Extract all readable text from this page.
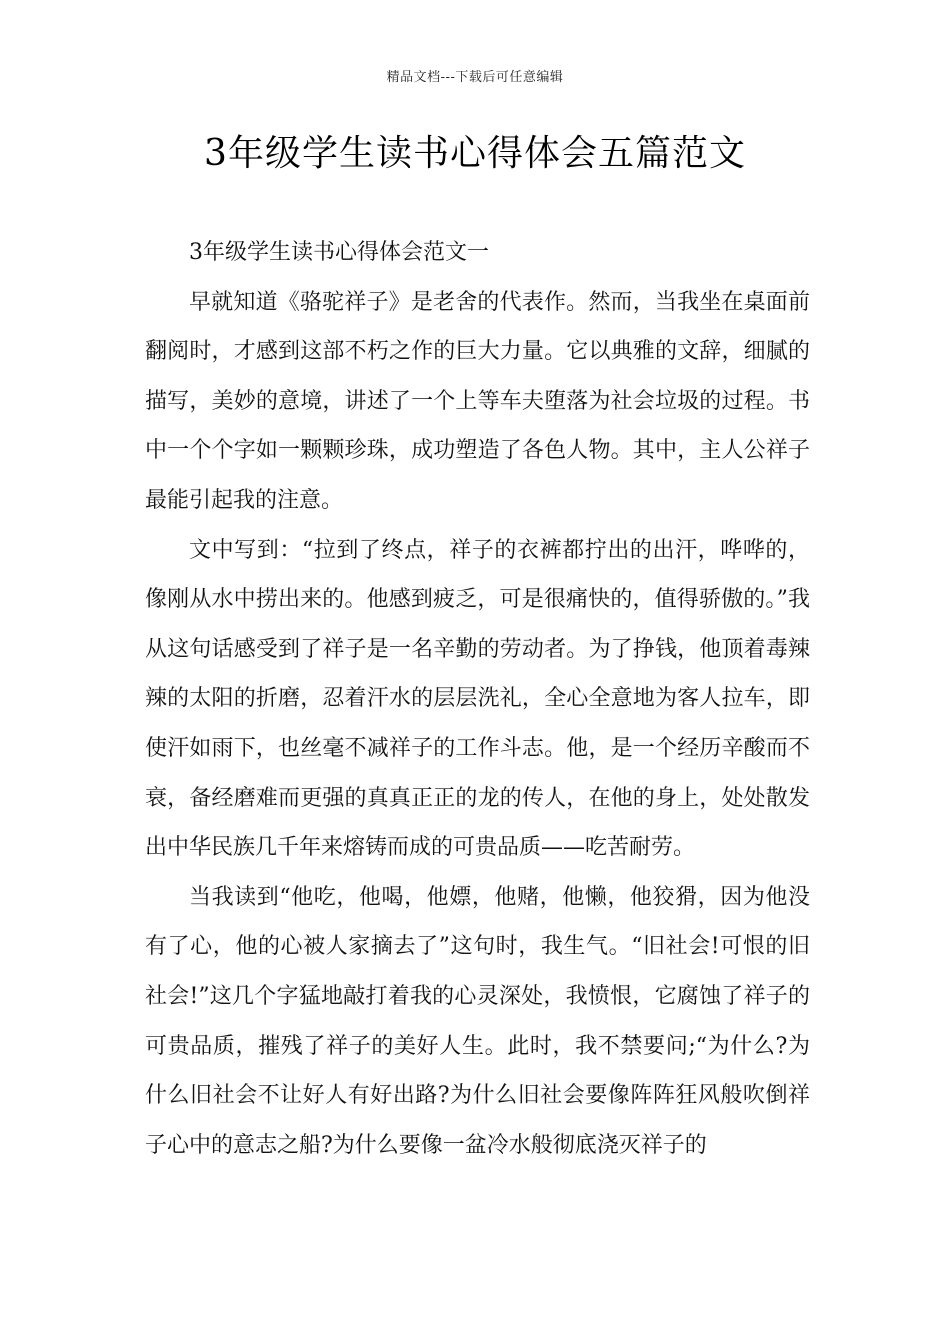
精品文档---下载后可任意编辑
3年级学生读书心得体会五篇范文

3年级学生读书心得体会范文一

早就知道《骆驼祥子》是老舍的代表作。然而，当我坐在桌面前翻阅时，才感到这部不朽之作的巨大力量。它以典雅的文辞，细腻的描写，美妙的意境，讲述了一个上等车夫堕落为社会垃圾的过程。书中一个个字如一颗颗珍珠，成功塑造了各色人物。其中，主人公祥子最能引起我的注意。

文中写到：“拉到了终点，祥子的衣裤都拧出的出汗，哗哗的，像刚从水中捞出来的。他感到疲乏，可是很痛快的，值得骄傲的。”我从这句话感受到了祥子是一名辛勤的劳动者。为了挣钱，他顶着毒辣辣的太阳的折磨，忍着汗水的层层洗礼，全心全意地为客人拉车，即使汗如雨下，也丝毫不减祥子的工作斗志。他，是一个经历辛酸而不衰，备经磨难而更强的真真正正的龙的传人，在他的身上，处处散发出中华民族几千年来熔铸而成的可贵品质——吃苦耐劳。

当我读到“他吃，他喝，他嫖，他赌，他懒，他狡猾，因为他没有了心，他的心被人家摘去了”这句时，我生气。“旧社会!可恨的旧社会!”这几个字猛地敲打着我的心灵深处，我愤恨，它腐蚀了祥子的可贵品质，摧残了祥子的美好人生。此时，我不禁要问;“为什么?为什么旧社会不让好人有好出路?为什么旧社会要像阵阵狂风般吹倒祥子心中的意志之船?为什么要像一盆冷水般彻底浇灭祥子的
